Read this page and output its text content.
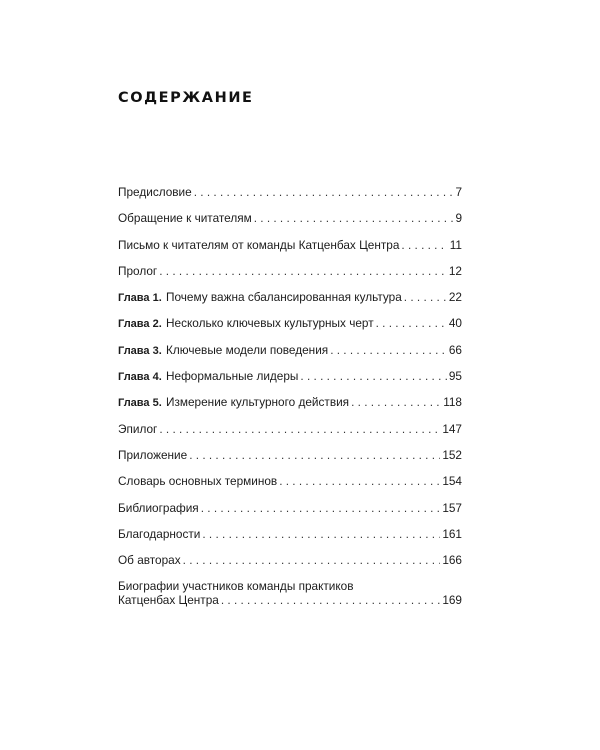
СОДЕРЖАНИЕ
Предисловие . . .	7
Обращение к читателям . . .	9
Письмо к читателям от команды Катценбах Центра . . .	11
Пролог . . .	12
Глава 1. Почему важна сбалансированная культура . . .	22
Глава 2. Несколько ключевых культурных черт . . .	40
Глава 3. Ключевые модели поведения . . .	66
Глава 4. Неформальные лидеры . . .	95
Глава 5. Измерение культурного действия . . .	118
Эпилог . . .	147
Приложение . . .	152
Словарь основных терминов . . .	154
Библиография . . .	157
Благодарности . . .	161
Об авторах . . .	166
Биографии участников команды практиков
Катценбах Центра . . .	169
